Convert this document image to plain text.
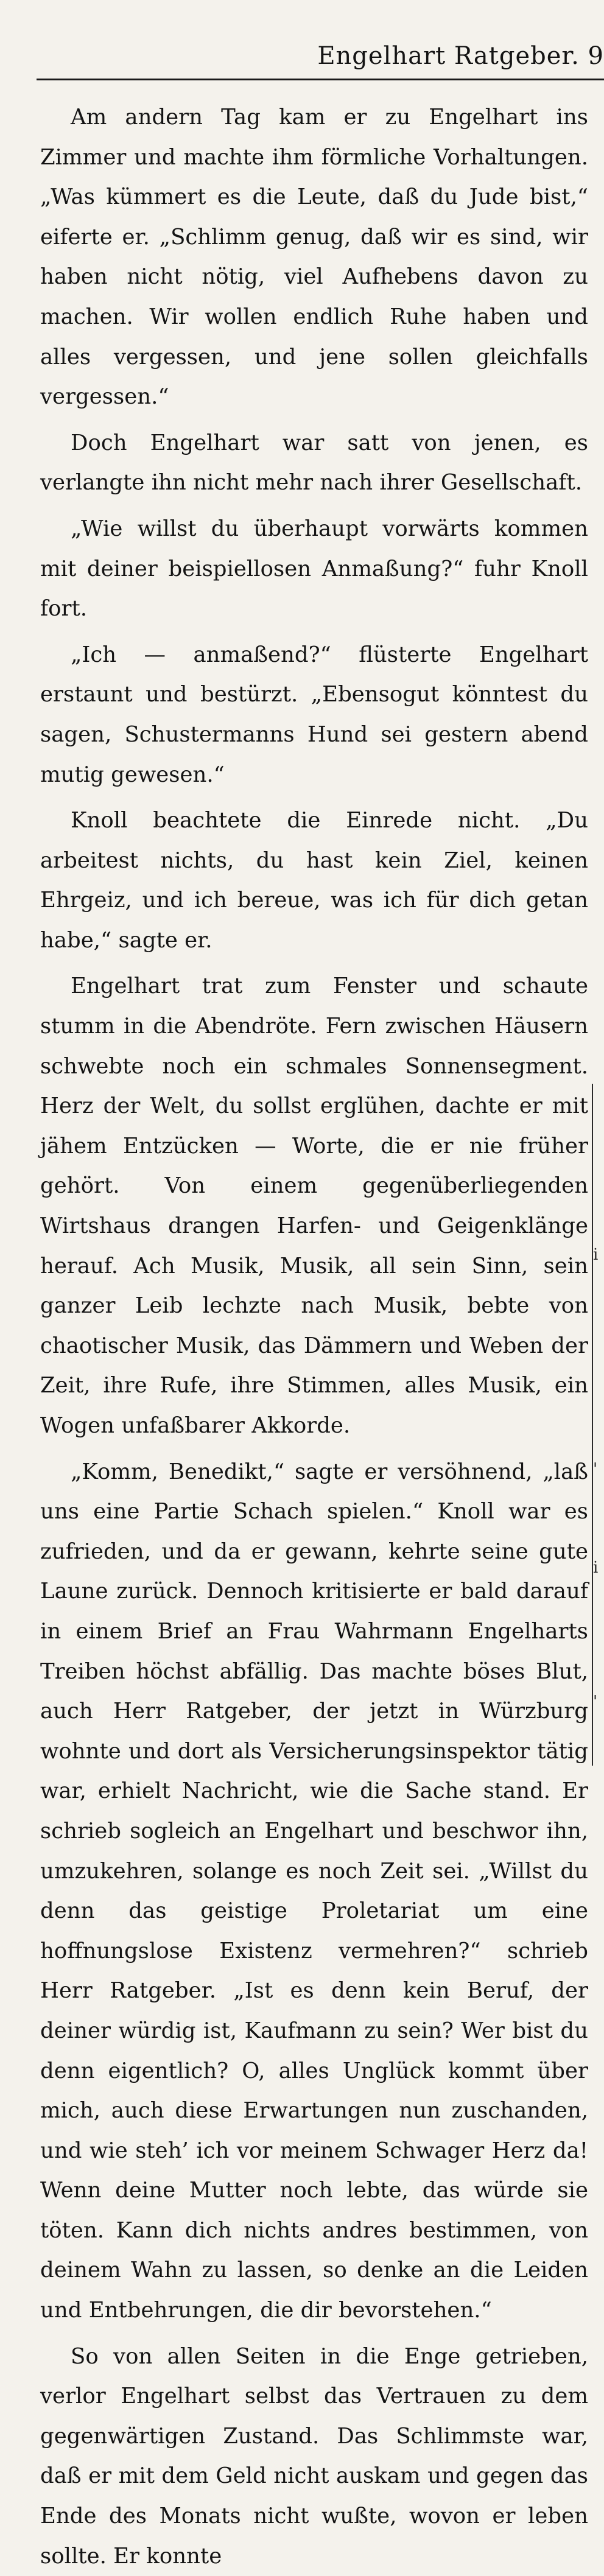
Engelhart Ratgeber. 9
i
'
i
'

Am andern Tag kam er zu Engelhart ins Zimmer und machte ihm förmliche Vorhaltungen. „Was kümmert es die Leute, daß du Jude bist,“ eiferte er. „Schlimm genug, daß wir es sind, wir haben nicht nötig, viel Aufhebens davon zu machen. Wir wollen endlich Ruhe haben und alles vergessen, und jene sollen gleichfalls vergessen.“

Doch Engelhart war satt von jenen, es verlangte ihn nicht mehr nach ihrer Gesellschaft.

„Wie willst du überhaupt vorwärts kommen mit deiner beispiellosen Anmaßung?“ fuhr Knoll fort.

„Ich — anmaßend?“ flüsterte Engelhart erstaunt und bestürzt. „Ebensogut könntest du sagen, Schustermanns Hund sei gestern abend mutig gewesen.“

Knoll beachtete die Einrede nicht. „Du arbeitest nichts, du hast kein Ziel, keinen Ehrgeiz, und ich bereue, was ich für dich getan habe,“ sagte er.

Engelhart trat zum Fenster und schaute stumm in die Abendröte. Fern zwischen Häusern schwebte noch ein schmales Sonnensegment. Herz der Welt, du sollst erglühen, dachte er mit jähem Entzücken — Worte, die er nie früher gehört. Von einem gegenüberliegenden Wirtshaus drangen Harfen- und Geigenklänge herauf. Ach Musik, Musik, all sein Sinn, sein ganzer Leib lechzte nach Musik, bebte von chaotischer Musik, das Dämmern und Weben der Zeit, ihre Rufe, ihre Stimmen, alles Musik, ein Wogen unfaßbarer Akkorde.

„Komm, Benedikt,“ sagte er versöhnend, „laß uns eine Partie Schach spielen.“ Knoll war es zufrieden, und da er gewann, kehrte seine gute Laune zurück. Dennoch kritisierte er bald darauf in einem Brief an Frau Wahrmann Engelharts Treiben höchst abfällig. Das machte böses Blut, auch Herr Ratgeber, der jetzt in Würzburg wohnte und dort als Versicherungsinspektor tätig war, erhielt Nachricht, wie die Sache stand. Er schrieb sogleich an Engelhart und beschwor ihn, umzukehren, solange es noch Zeit sei. „Willst du denn das geistige Proletariat um eine hoffnungslose Existenz vermehren?“ schrieb Herr Ratgeber. „Ist es denn kein Beruf, der deiner würdig ist, Kaufmann zu sein? Wer bist du denn eigentlich? O, alles Unglück kommt über mich, auch diese Erwartungen nun zuschanden, und wie steh’ ich vor meinem Schwager Herz da! Wenn deine Mutter noch lebte, das würde sie töten. Kann dich nichts andres bestimmen, von deinem Wahn zu lassen, so denke an die Leiden und Entbehrungen, die dir bevorstehen.“

So von allen Seiten in die Enge getrieben, verlor Engelhart selbst das Vertrauen zu dem gegenwärtigen Zustand. Das Schlimmste war, daß er mit dem Geld nicht auskam und gegen das Ende des Monats nicht wußte, wovon er leben sollte. Er konnte
